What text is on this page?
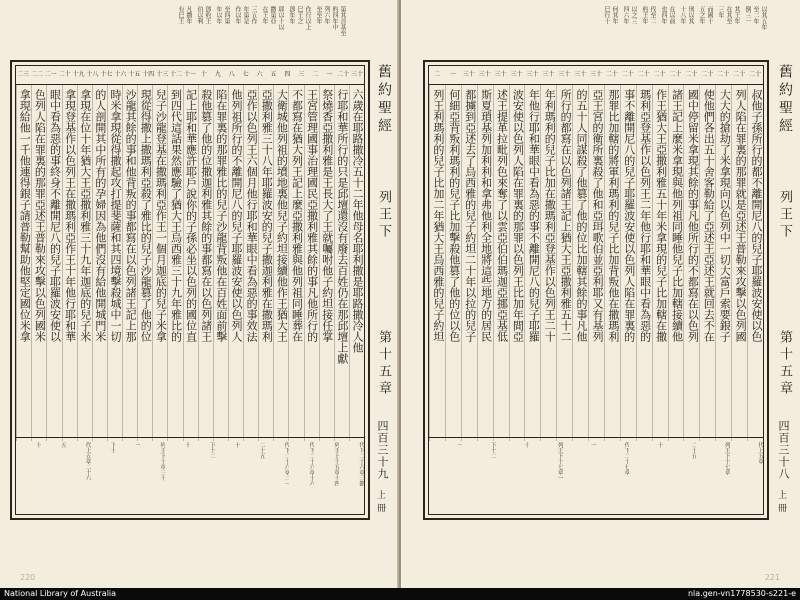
第其首基至
約四年中
列六年
至至年
作行以上
巳王之
卽年年
耶以十以
撒第亞
在王年
三五作
年第是
作以年
至四第
年以年
卽約王
伯以利
凡撒年
有巳王
三十
二十
一
二
三
四
五
六
七
八
九
十
十一
十二
十三
十四
十五
十六
十七
十八
十九
二十
二一
二二
二三
六歲在耶路撒冷五十二年他母名耶利撒是耶路撒冷人他
行耶和華所行的只是邱壇還沒有廢去百姓仍在那邱壇上獻
祭燒香亞撒利雅是王長大了王就囑咐他子約坦接任掌
王宮管理國事治理國民亞撒利雅其餘的事凡他所行的
不都寫在猶大列王記上麼亞撒利雅與他列祖同睡葬在
大衛城他列祖的墳地裏他兒子約坦接續他作王猶大王
亞撒利雅三十八年耶羅波安的兒子撒迦利雅在撒瑪利
亞作以色列王六個月他行耶和華眼中看為惡的事效法
他列祖所行的不離開尼八的兒子耶羅波安使以色列人
陷在罪裏的那罪雅比的兒子沙龍背叛他在百姓面前擊
殺他篡了他的位撒迦利雅其餘的事都寫在以色列諸王
記上耶和華應許耶戶說你的子孫必坐以色列的國位直
到四代這話果然應驗了猶大王烏西雅三十九年雅比的
兒子沙龍登基在撒瑪利亞作王一個月迦底的兒子米拿
現從得撒上撒瑪利亞殺了雅比的兒子沙龍篡了他的位
沙龍其餘的事和他背叛的事都寫在以色列諸王記上那
時米拿現從得撒起攻打提斐薩和其四境擊殺城中一切
的人剖開其中所有的孕婦因為他們沒有給他開城門米
拿現在位十年猶大王亞撒利雅三十九年迦底的兒子米
拿現登基作以色列王在撒瑪利亞作王十年他行耶和華
眼中看為惡的事終身不離開尼八的兒子耶羅波安使以
色列人陷在罪裏的那罪亞述王普勒來攻擊以色列國米
拿現給他一千他連得銀子請普勒幫助他堅定國位米拿
代下二十六章三節
列王上十五章十四
代下二十六章十六
代下二十六章二一
二十五
十
下十二
十
列王下十章三十
一
下十
代上五章二十六
五
十
舊約聖經
列王下
第十五章
四百三十九
上冊
220
以其五年
至二年
倒三一
其王年
在其至
三年
而國十
五之年
刑以其
十八年
在以前
也四年
伐至二
約王年
以之三
四六年
何其年
巳行十
二十
二十
二十
二十
二十
二十
二十
二十
二十
二十
三十
三十
三十
三十
三十
三十
三十
三十
三十
一
二
叔他子孫所行的都不離開尼八的兒子耶羅波安使以色
列人陷在罪裏的那罪就是亞述王普勒來攻擊以色列國
大大的搶劫了米拿現向以色列中一切大富戶索要銀子
使他們各出五十舍客勒給了亞述王亞述王就回去不在
國中停留米拿現其餘的事凡他所行的不都寫在以色列
諸王記上麼米拿現與他列祖同睡他兒子比加轄接續他
作王猶大王亞撒利雅五十年米拿現的兒子比加轄在撒
瑪利亞登基作以色列王二年他行耶和華眼中看為惡的
事不離開尼八的兒子耶羅波安使以色列人陷在罪裏的
那罪比加轄的將軍利瑪利的兒子比加背叛他在撒瑪利
亞王宮的衛所裏殺了他和亞珥歌伯並亞利耶又有基列
的五十人同謀殺了他篡了他的位比加轄其餘的事凡他
所行的都寫在以色列諸王記上猶大王亞撒利雅五十二
年利瑪利的兒子比加在撒瑪利亞登基作以色列王二十
年他行耶和華眼中看為惡的事不離開尼八的兒子耶羅
波安使以色列人陷在罪裏的那罪以色列王比加年間亞
述王提革拉毗列色來奪了以雲亞伯伯瑪迦亞挪亞基低
斯夏瑣基列加利利和拿弗他利全地將這些地方的居民
都擄到亞述去了烏西雅的兒子約坦二十年以拉的兒子
何細亞背叛利瑪利的兒子比加擊殺他篡了他的位以色
列王利瑪利的兒子比加二年猶大王烏西雅的兒子約坦
代上五章
列王下十七章
二十五
十
代下二十七章
一
列王下十七章一
十
下十二
一
舊約聖經
列王下
第十五章
四百三十八
上冊
221
National Library of Australia	nla.gen-vn1778530-s221-e
